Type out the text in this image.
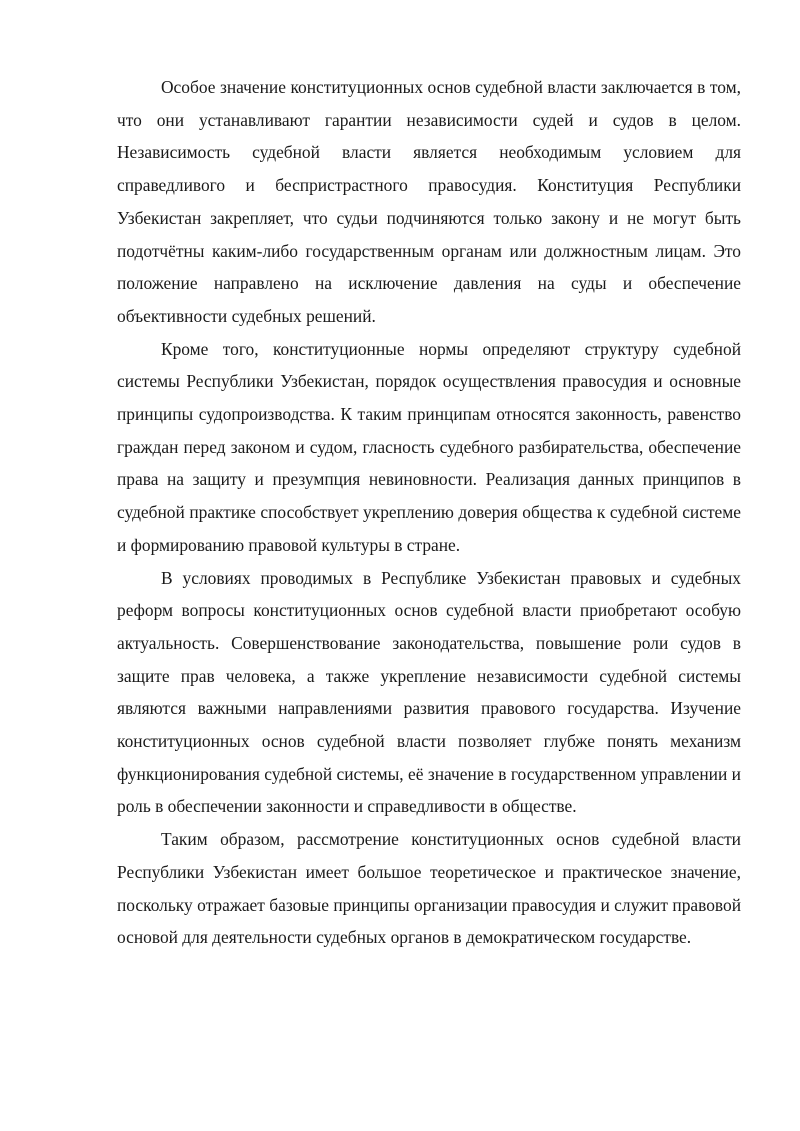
Особое значение конституционных основ судебной власти заключается в том, что они устанавливают гарантии независимости судей и судов в целом. Независимость судебной власти является необходимым условием для справедливого и беспристрастного правосудия. Конституция Республики Узбекистан закрепляет, что судьи подчиняются только закону и не могут быть подотчётны каким-либо государственным органам или должностным лицам. Это положение направлено на исключение давления на суды и обеспечение объективности судебных решений.

Кроме того, конституционные нормы определяют структуру судебной системы Республики Узбекистан, порядок осуществления правосудия и основные принципы судопроизводства. К таким принципам относятся законность, равенство граждан перед законом и судом, гласность судебного разбирательства, обеспечение права на защиту и презумпция невиновности. Реализация данных принципов в судебной практике способствует укреплению доверия общества к судебной системе и формированию правовой культуры в стране.

В условиях проводимых в Республике Узбекистан правовых и судебных реформ вопросы конституционных основ судебной власти приобретают особую актуальность. Совершенствование законодательства, повышение роли судов в защите прав человека, а также укрепление независимости судебной системы являются важными направлениями развития правового государства. Изучение конституционных основ судебной власти позволяет глубже понять механизм функционирования судебной системы, её значение в государственном управлении и роль в обеспечении законности и справедливости в обществе.

Таким образом, рассмотрение конституционных основ судебной власти Республики Узбекистан имеет большое теоретическое и практическое значение, поскольку отражает базовые принципы организации правосудия и служит правовой основой для деятельности судебных органов в демократическом государстве.
